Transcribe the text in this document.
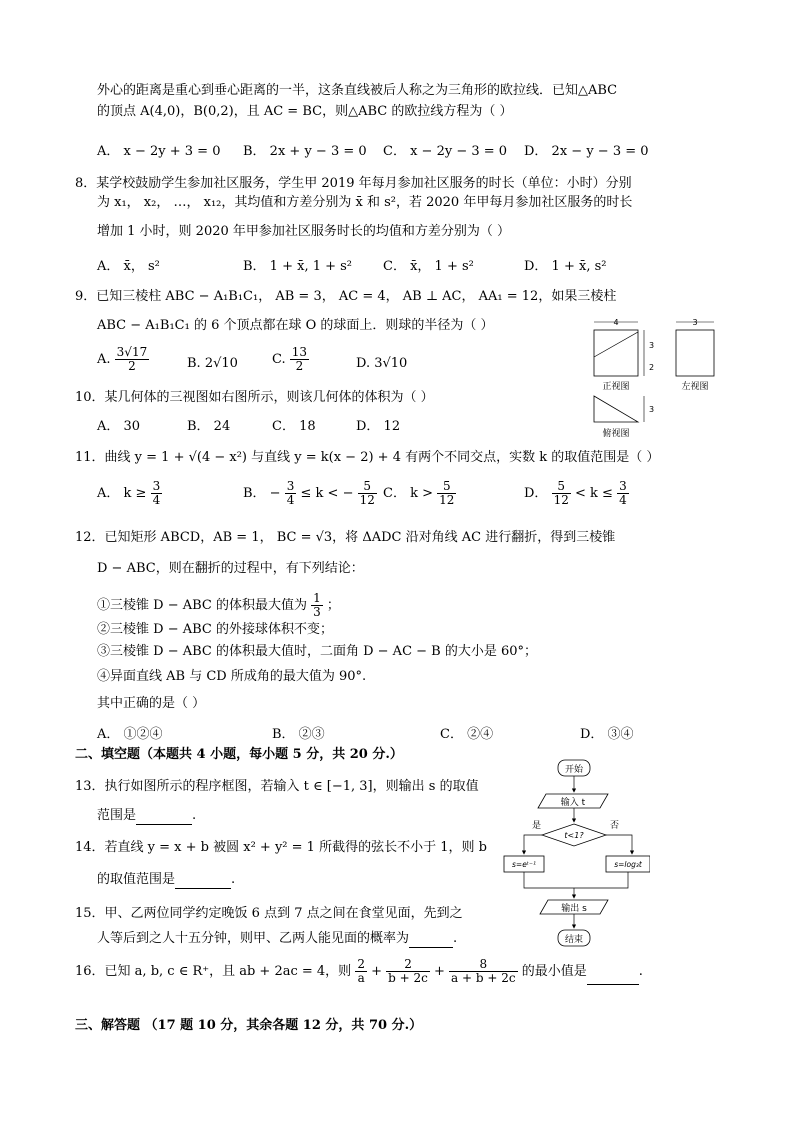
外心的距离是重心到垂心距离的一半，这条直线被后人称之为三角形的欧拉线．已知△ABC
的顶点 A(4,0)，B(0,2)，且 AC = BC，则△ABC 的欧拉线方程为（ ）
A． x − 2y + 3 = 0 B． 2x + y − 3 = 0 C． x − 2y − 3 = 0 D． 2x − y − 3 = 0
8．某学校鼓励学生参加社区服务，学生甲 2019 年每月参加社区服务的时长（单位：小时）分别
为 x₁， x₂， …， x₁₂，其均值和方差分别为 x̄ 和 s²，若 2020 年甲每月参加社区服务的时长
增加 1 小时，则 2020 年甲参加社区服务时长的均值和方差分别为（ ）
A． x̄， s²	B． 1 + x̄, 1 + s² C． x̄， 1 + s²	D． 1 + x̄, s²
9．已知三棱柱 ABC − A₁B₁C₁， AB = 3， AC = 4， AB ⊥ AC， AA₁ = 12，如果三棱柱
ABC − A₁B₁C₁ 的 6 个顶点都在球 O 的球面上．则球的半径为（ ）
A. $\frac{3√17}{2}$	B. 2√10	C. $\frac{13}{2}$	D. 3√10
4
3
2
正视图
3
左视图
3
俯视图
10．某几何体的三视图如右图所示，则该几何体的体积为（ ）
A． 30	B． 24	C． 18	D． 12
11．曲线 y = 1 + √(4 − x²) 与直线 y = k(x − 2) + 4 有两个不同交点，实数 k 的取值范围是（ ）
A． $k \ge \frac{3}{4}$	B． − $\frac{3}{4} \le k$ < − $\frac{5}{12}$ C． $k > \frac{5}{12}$	D． $\frac{5}{12} < k \le \frac{3}{4}$
12．已知矩形 ABCD，AB = 1， BC = √3，将 ΔADC 沿对角线 AC 进行翻折，得到三棱锥
D − ABC，则在翻折的过程中，有下列结论：
①三棱锥 D − ABC 的体积最大值为 $\frac{1}{3}$ ；
②三棱锥 D − ABC 的外接球体积不变；
③三棱锥 D − ABC 的体积最大值时，二面角 D − AC − B 的大小是 60°；
④异面直线 AB 与 CD 所成角的最大值为 90°.
其中正确的是（ ）
A． ①②④	B． ②③	C． ②④	D． ③④
二、填空题（本题共 4 小题，每小题 5 分，共 20 分.）
13．执行如图所示的程序框图，若输入 t ∈ [−1, 3]，则输出 s 的取值
范围是	.
14．若直线 y = x + b 被圆 x² + y² = 1 所截得的弦长不小于 1，则 b
的取值范围是	.
15．甲、乙两位同学约定晚饭 6 点到 7 点之间在食堂见面，先到之
人等后到之人十五分钟，则甲、乙两人能见面的概率为	.
16．已知 a, b, c ∈ R⁺，且 ab + 2ac = 4，则 $\frac{2}{a} + \frac{2}{b + 2c} + \frac{8}{a + b + 2c}$ 的最小值是	.
开始
输入 t
t<1?
是	否
s=eᵗ⁻¹	s=log₃t
输出 s
结束
三、解答题 （17 题 10 分，其余各题 12 分，共 70 分.）
